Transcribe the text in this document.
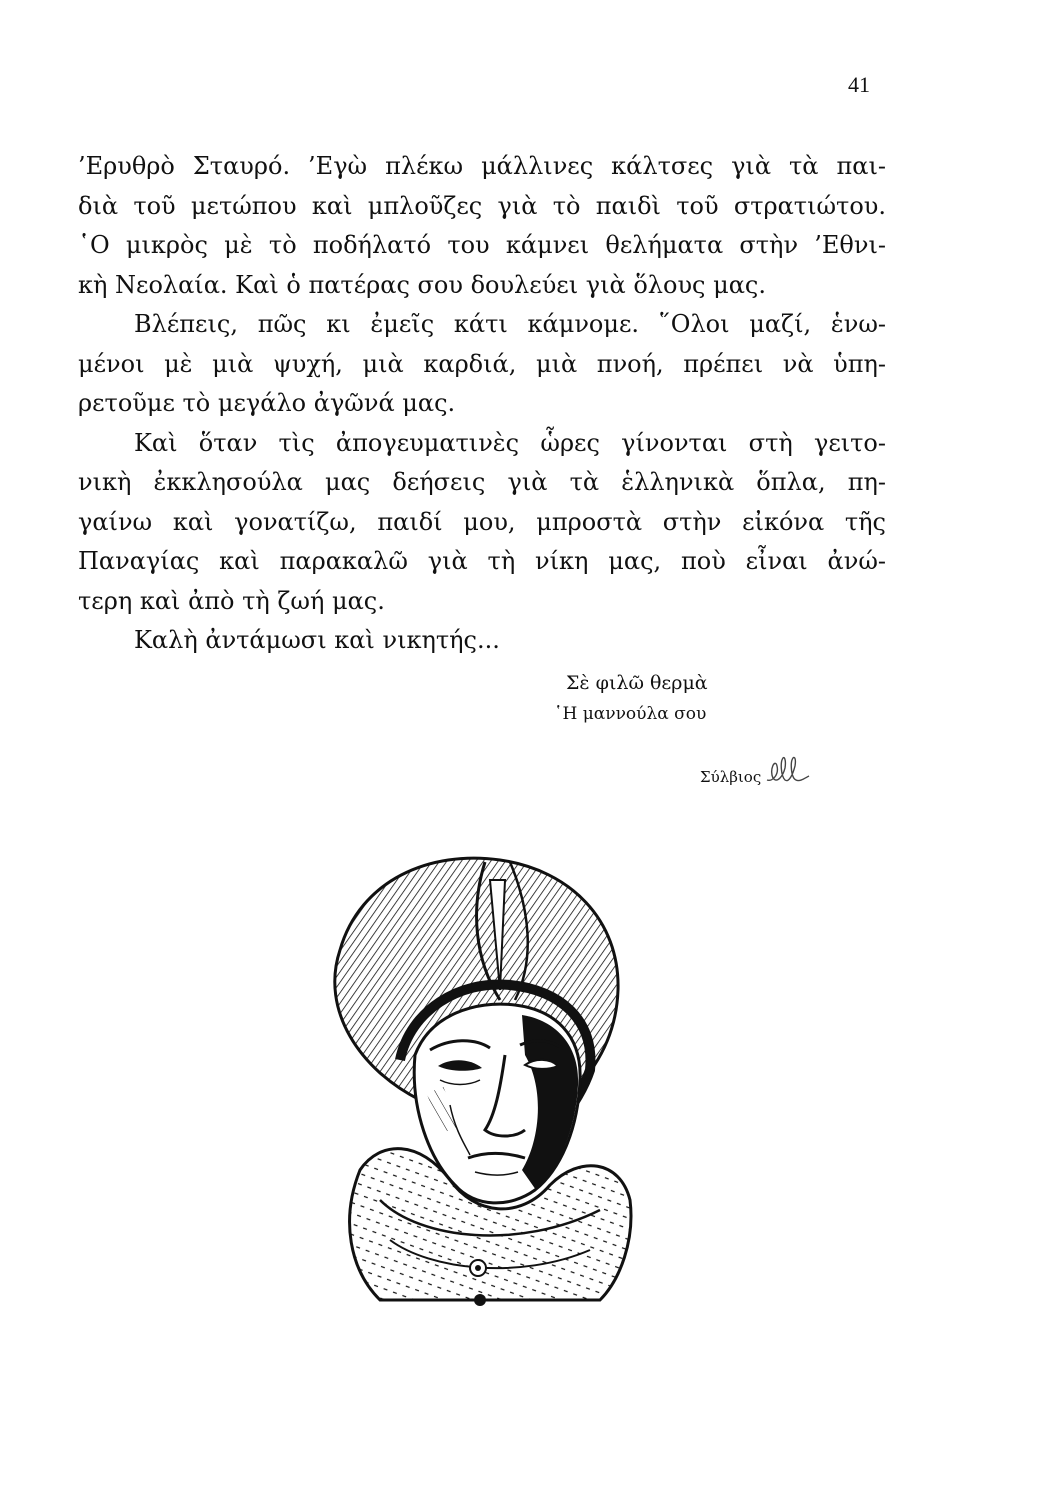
41

’Ερυθρὸ Σταυρό. ’Εγὼ πλέκω μάλλινες κάλτσες γιὰ τὰ παι-
διὰ τοῦ μετώπου καὶ μπλοῦζες γιὰ τὸ παιδὶ τοῦ στρατιώτου.
῾Ο μικρὸς μὲ τὸ ποδήλατό του κάμνει θελήματα στὴν ’Εθνι-
κὴ Νεολαία. Καὶ ὁ πατέρας σου δουλεύει γιὰ ὅλους μας.

Βλέπεις, πῶς κι ἐμεῖς κάτι κάμνομε. ῞Ολοι μαζί, ἑνω-
μένοι μὲ μιὰ ψυχή, μιὰ καρδιά, μιὰ πνοή, πρέπει νὰ ὑπη-
ρετοῦμε τὸ μεγάλο ἀγῶνά μας.

Καὶ ὅταν τὶς ἀπογευματινὲς ὧρες γίνονται στὴ γειτο-
νικὴ ἐκκλησούλα μας δεήσεις γιὰ τὰ ἑλληνικὰ ὅπλα, πη-
γαίνω καὶ γονατίζω, παιδί μου, μπροστὰ στὴν εἰκόνα τῆς
Παναγίας καὶ παρακαλῶ γιὰ τὴ νίκη μας, ποὺ εἶναι ἀνώ-
τερη καὶ ἀπὸ τὴ ζωή μας.

Καλὴ ἀντάμωσι καὶ νικητής...

Σὲ φιλῶ θερμὰ
῾Η μαννούλα σου
Σύλβιος
